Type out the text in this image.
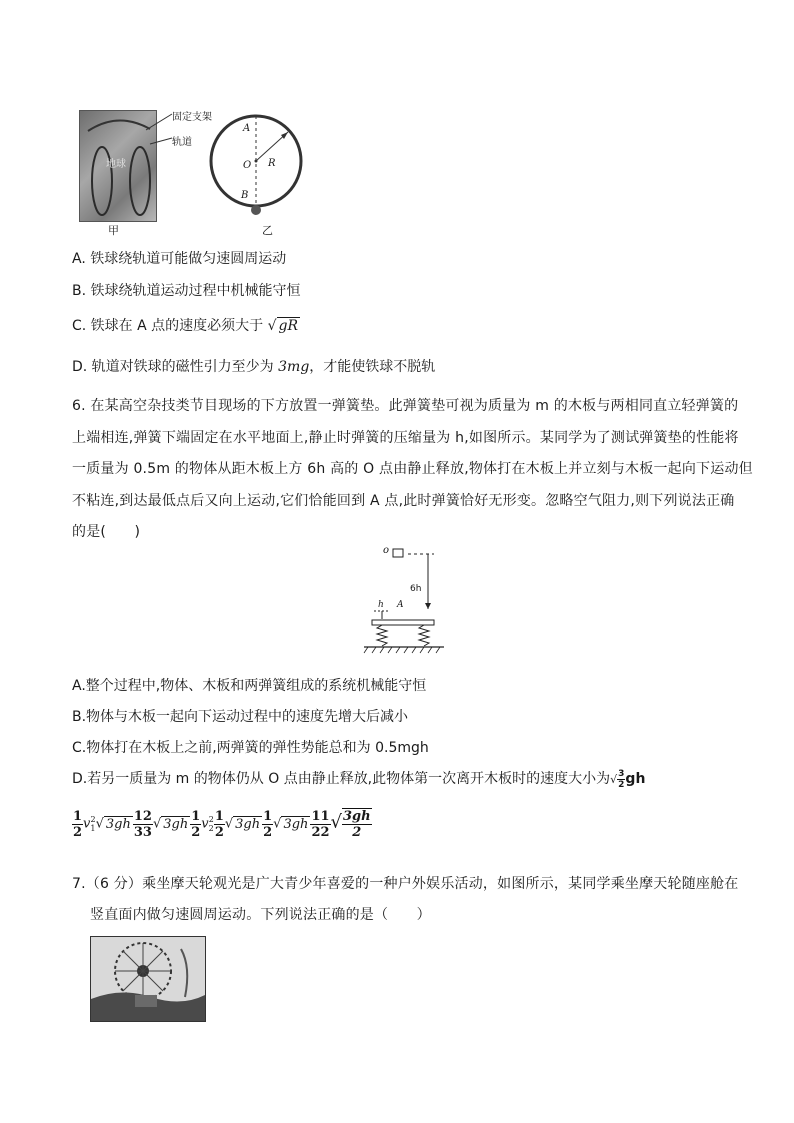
地球
甲
固定支架
轨道
A
O R
B
乙
A. 铁球绕轨道可能做匀速圆周运动
B. 铁球绕轨道运动过程中机械能守恒
C. 铁球在 A 点的速度必须大于 √ gR
D. 轨道对铁球的磁性引力至少为 3mg，才能使铁球不脱轨
6. 在某高空杂技类节目现场的下方放置一弹簧垫。此弹簧垫可视为质量为 m 的木板与两相同直立轻弹簧的
上端相连,弹簧下端固定在水平地面上,静止时弹簧的压缩量为 h,如图所示。某同学为了测试弹簧垫的性能将
一质量为 0.5m 的物体从距木板上方 6h 高的 O 点由静止释放,物体打在木板上并立刻与木板一起向下运动但
不粘连,到达最低点后又向上运动,它们恰能回到 A 点,此时弹簧恰好无形变。忽略空气阻力,则下列说法正确
的是(　　)
o
6h
h A
A.整个过程中,物体、木板和两弹簧组成的系统机械能守恒
B.物体与木板一起向下运动过程中的速度先增大后减小
C.物体打在木板上之前,两弹簧的弹性势能总和为 0.5mgh
D.若另一质量为 m 的物体仍从 O 点由静止释放,此物体第一次离开木板时的速度大小为√ $\frac{3}{2}$ gh
$\frac{1}{2} v_1^2√$ $3gh \frac{12}{33}$ √ $3gh \frac{1}{2} v_2^2 \frac{1}{2}$ √ $3gh \frac{1}{2}$ √ $3gh \frac{11}{22}$ √ $\frac{3gh}{2}$
7.（6 分）乘坐摩天轮观光是广大青少年喜爱的一种户外娱乐活动，如图所示，某同学乘坐摩天轮随座舱在
竖直面内做匀速圆周运动。下列说法正确的是（　　）
